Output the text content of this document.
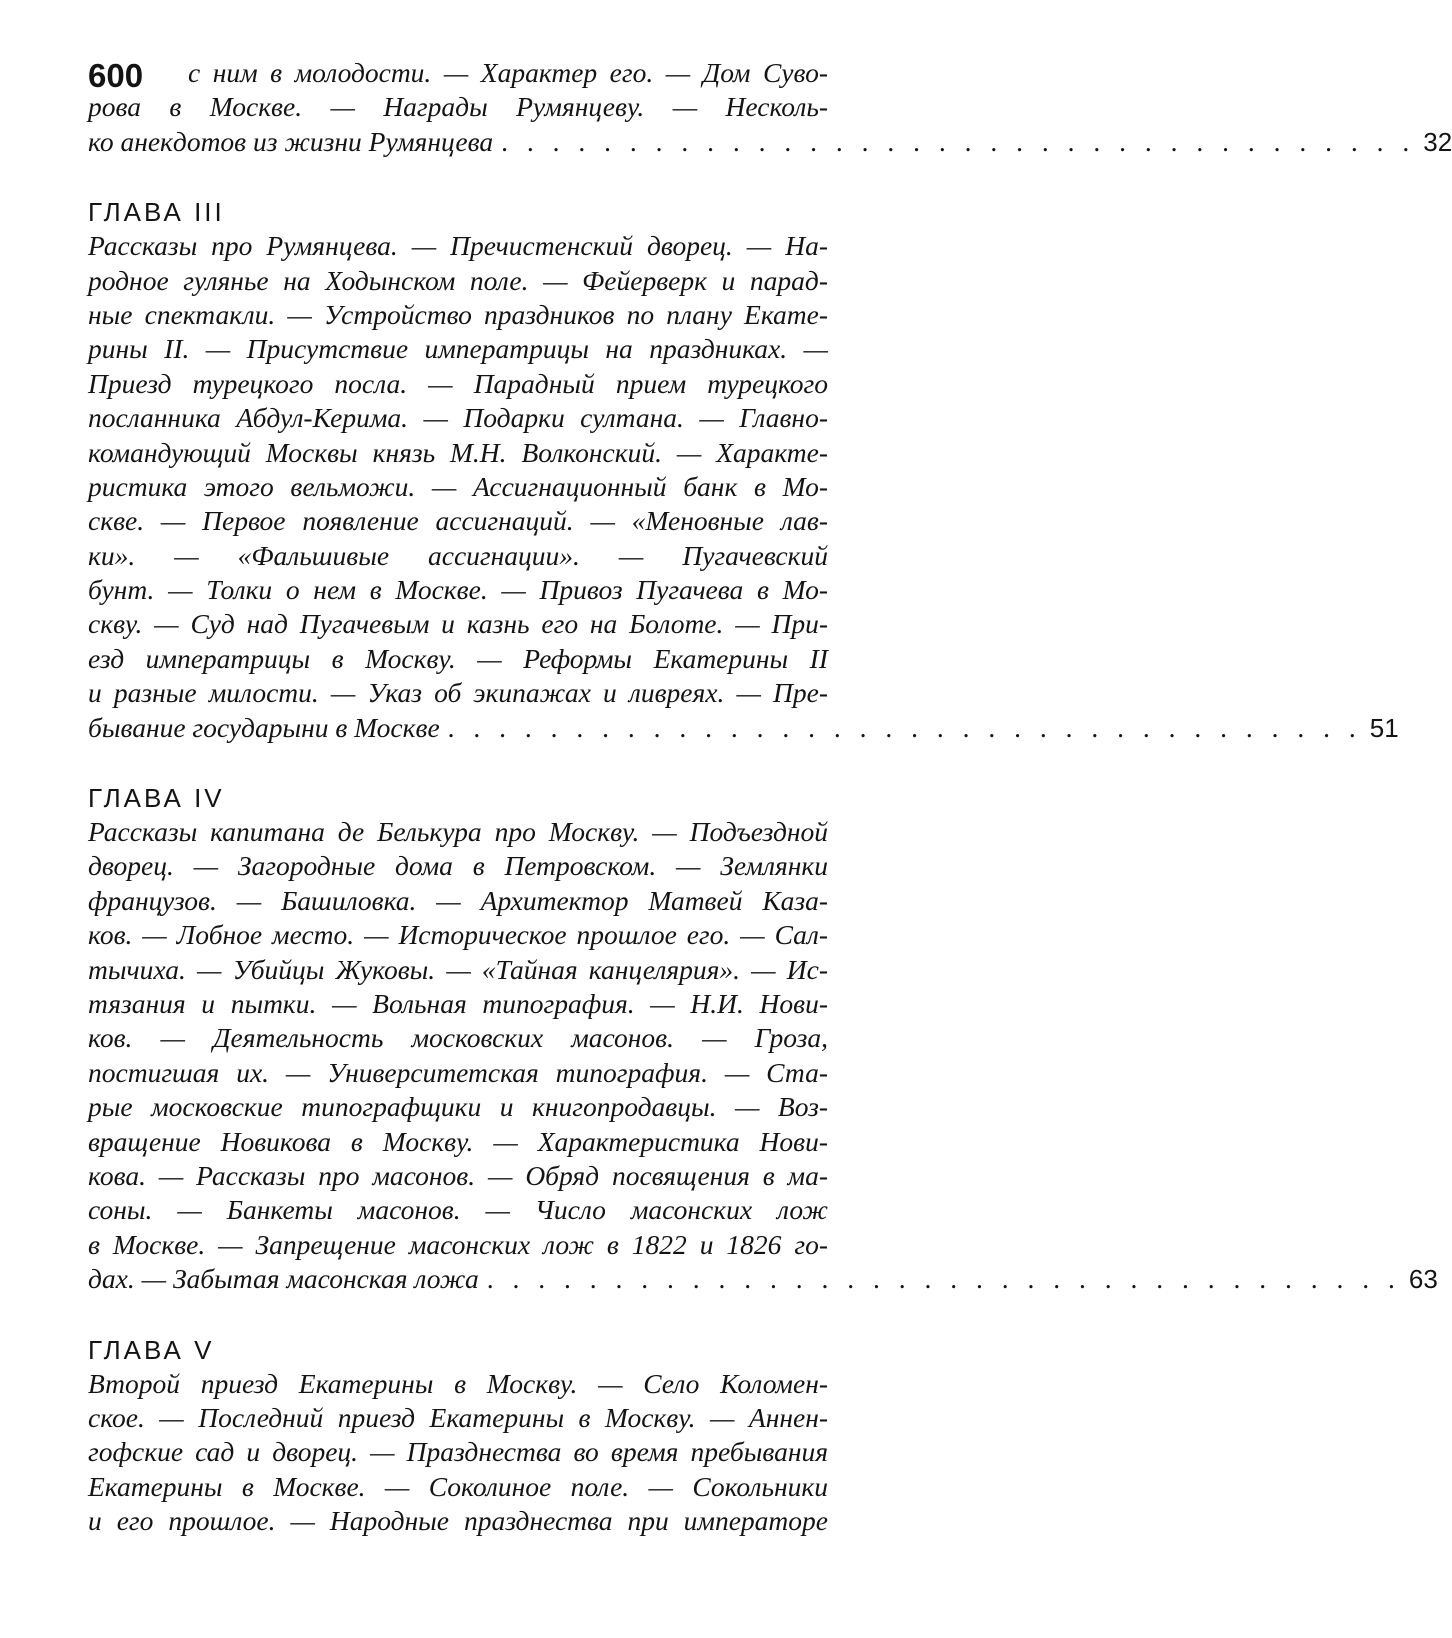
600	с ним в молодости. — Характер его. — Дом Суво-
рова в Москве. — Награды Румянцеву. — Несколь-
ко анекдотов из жизни Румянцева . . . . . . . . . . . . . . . . . . . . . . . . . . . . . . . . . . . . 32
ГЛАВА III
Рассказы про Румянцева. — Пречистенский дворец. — На-
родное гулянье на Ходынском поле. — Фейерверк и парад-
ные спектакли. — Устройство праздников по плану Екате-
рины II. — Присутствие императрицы на праздниках. —
Приезд турецкого посла. — Парадный прием турецкого
посланника Абдул-Керима. — Подарки султана. — Главно-
командующий Москвы князь М.Н. Волконский. — Характе-
ристика этого вельможи. — Ассигнационный банк в Мо-
скве. — Первое появление ассигнаций. — «Меновные лав-
ки». — «Фальшивые ассигнации». — Пугачевский
бунт. — Толки о нем в Москве. — Привоз Пугачева в Мо-
скву. — Суд над Пугачевым и казнь его на Болоте. — При-
езд императрицы в Москву. — Реформы Екатерины II
и разные милости. — Указ об экипажах и ливреях. — Пре-
бывание государыни в Москве . . . . . . . . . . . . . . . . . . . . . . . . . . . . . . . . . . . . 51
ГЛАВА IV
Рассказы капитана де Белькура про Москву. — Подъездной
дворец. — Загородные дома в Петровском. — Землянки
французов. — Башиловка. — Архитектор Матвей Каза-
ков. — Лобное место. — Историческое прошлое его. — Сал-
тычиха. — Убийцы Жуковы. — «Тайная канцелярия». — Ис-
тязания и пытки. — Вольная типография. — Н.И. Нови-
ков. — Деятельность московских масонов. — Гроза,
постигшая их. — Университетская типография. — Ста-
рые московские типографщики и книгопродавцы. — Воз-
вращение Новикова в Москву. — Характеристика Нови-
кова. — Рассказы про масонов. — Обряд посвящения в ма-
соны. — Банкеты масонов. — Число масонских лож
в Москве. — Запрещение масонских лож в 1822 и 1826 го-
дах. — Забытая масонская ложа . . . . . . . . . . . . . . . . . . . . . . . . . . . . . . . . . . . . 63
ГЛАВА V
Второй приезд Екатерины в Москву. — Село Коломен-
ское. — Последний приезд Екатерины в Москву. — Аннен-
гофские сад и дворец. — Празднества во время пребывания
Екатерины в Москве. — Соколиное поле. — Сокольники
и его прошлое. — Народные празднества при императоре
